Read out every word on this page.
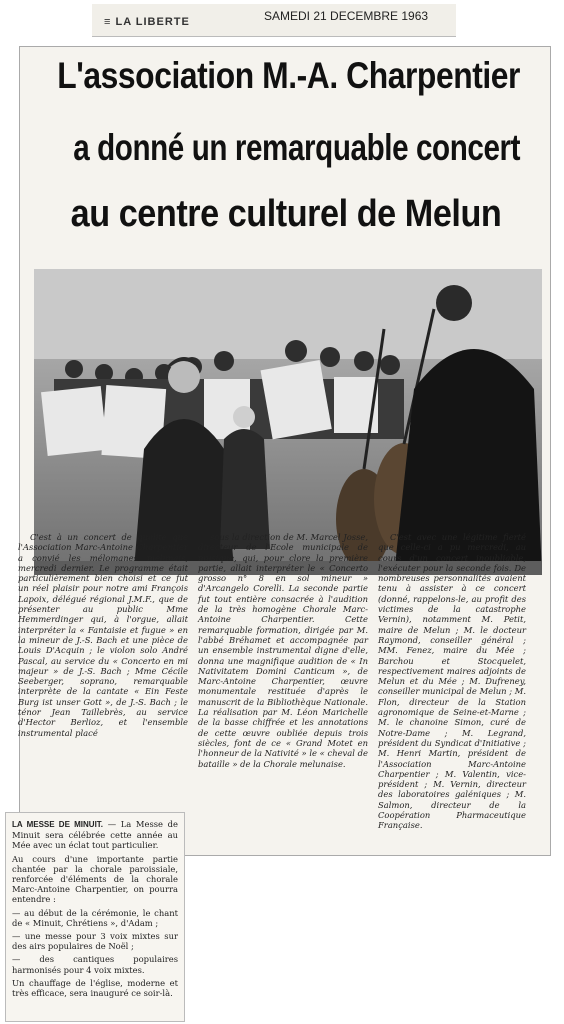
≡ LA LIBERTE	SAMEDI 21 DECEMBRE 1963
L'association M.-A. Charpentier
a donné un remarquable concert
au centre culturel de Melun

C'est à un concert de qualité que l'Association Marc-Antoine Charpentier a convié les mélomanes melunais, mercredi dernier. Le programme était particulièrement bien choisi et ce fut un réel plaisir pour notre ami François Lapoix, délégué régional J.M.F., que de présenter au public Mme Hemmerdinger qui, à l'orgue, allait interpréter la « Fantaisie et fugue » en la mineur de J.-S. Bach et une pièce de Louis D'Acquin ; le violon solo André Pascal, au service du « Concerto en mi majeur » de J.-S. Bach ; Mme Cécile Seeberger, soprano, remarquable interprète de la cantate « Ein Feste Burg ist unser Gott », de J.-S. Bach ; le ténor Jean Taillebrès, au service d'Hector Berlioz, et l'ensemble instrumental placé

sous la direction de M. Marcel Josse, directeur de l'Ecole municipale de musique, qui, pour clore la première partie, allait interpréter le « Concerto grosso n° 8 en sol mineur » d'Arcangelo Corelli. La seconde partie fut tout entière consacrée à l'audition de la très homogène Chorale Marc-Antoine Charpentier. Cette remarquable formation, dirigée par M. l'abbé Bréhamet et accompagnée par un ensemble instrumental digne d'elle, donna une magnifique audition de « In Nativitatem Domini Canticum », de Marc-Antoine Charpentier, œuvre monumentale restituée d'après le manuscrit de la Bibliothèque Nationale. La réalisation par M. Léon Marichelle de la basse chiffrée et les annotations de cette œuvre oubliée depuis trois siècles, font de ce « Grand Motet en l'honneur de la Nativité » le « cheval de bataille » de la Chorale melunaise.

C'est avec une légitime fierté que celle-ci a pu mercredi, au cours d'un concert inoubliable, l'exécuter pour la seconde fois. De nombreuses personnalités avaient tenu à assister à ce concert (donné, rappelons-le, au profit des victimes de la catastrophe Vernin), notamment M. Petit, maire de Melun ; M. le docteur Raymond, conseiller général ; MM. Fenez, maire du Mée ; Barchou et Stocquelet, respectivement maires adjoints de Melun et du Mée ; M. Dufreney, conseiller municipal de Melun ; M. Flon, directeur de la Station agronomique de Seine-et-Marne ; M. le chanoine Simon, curé de Notre-Dame ; M. Legrand, président du Syndicat d'Initiative ; M. Henri Martin, président de l'Association Marc-Antoine Charpentier ; M. Valentin, vice-président ; M. Vernin, directeur des laboratoires galéniques ; M. Salmon, directeur de la Coopération Pharmaceutique Française.

LA MESSE DE MINUIT. — La Messe de Minuit sera célébrée cette année au Mée avec un éclat tout particulier.

Au cours d'une importante partie chantée par la chorale paroissiale, renforcée d'éléments de la chorale Marc-Antoine Charpentier, on pourra entendre :

— au début de la cérémonie, le chant de « Minuit, Chrétiens », d'Adam ;

— une messe pour 3 voix mixtes sur des airs populaires de Noël ;

— des cantiques populaires harmonisés pour 4 voix mixtes.

Un chauffage de l'église, moderne et très efficace, sera inauguré ce soir-là.
